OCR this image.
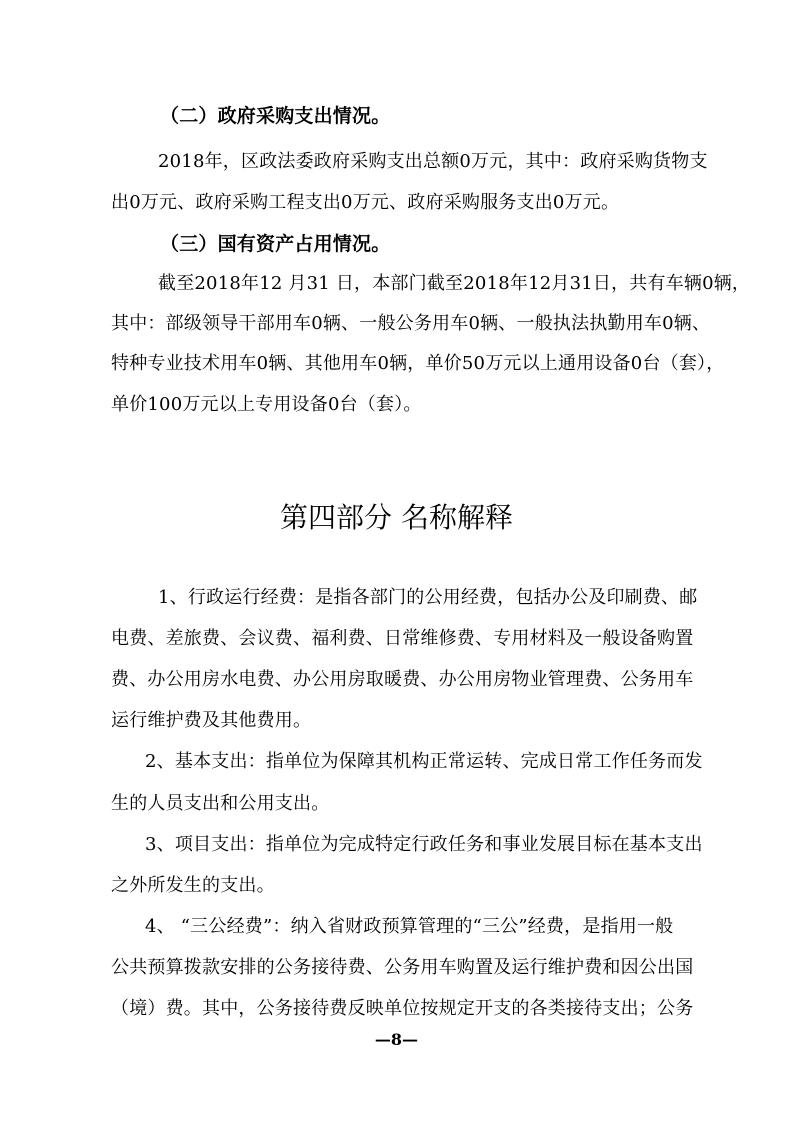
（二）政府采购支出情况。
2018年，区政法委政府采购支出总额0万元，其中：政府采购货物支
出0万元、政府采购工程支出0万元、政府采购服务支出0万元。
（三）国有资产占用情况。
截至2018年12 月31 日，本部门截至2018年12月31日，共有车辆0辆，
其中：部级领导干部用车0辆、一般公务用车0辆、一般执法执勤用车0辆、
特种专业技术用车0辆、其他用车0辆，单价50万元以上通用设备0台（套），
单价100万元以上专用设备0台（套）。
第四部分 名称解释
1、行政运行经费：是指各部门的公用经费，包括办公及印刷费、邮
电费、差旅费、会议费、福利费、日常维修费、专用材料及一般设备购置
费、办公用房水电费、办公用房取暖费、办公用房物业管理费、公务用车
运行维护费及其他费用。
2、基本支出：指单位为保障其机构正常运转、完成日常工作任务而发
生的人员支出和公用支出。
3、项目支出：指单位为完成特定行政任务和事业发展目标在基本支出
之外所发生的支出。
4、 “三公经费”：纳入省财政预算管理的“三公”经费，是指用一般
公共预算拨款安排的公务接待费、公务用车购置及运行维护费和因公出国
（境）费。其中，公务接待费反映单位按规定开支的各类接待支出；公务
—8—
